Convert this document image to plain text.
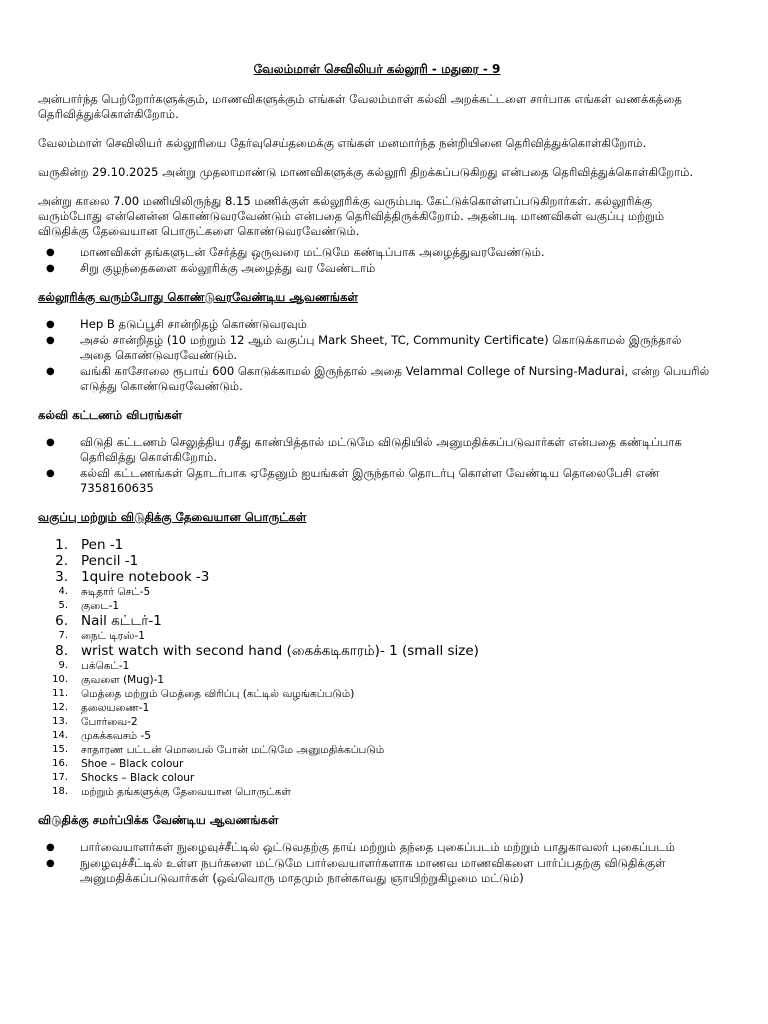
வேலம்மாள் செவிலியர் கல்லூரி - மதுரை - 9

அன்பார்ந்த பெற்றோர்களுக்கும், மாணவிகளுக்கும் எங்கள் வேலம்மாள் கல்வி அறக்கட்டளை சார்பாக எங்கள் வணக்கத்தை தெரிவித்துக்கொள்கிறோம்.

வேலம்மாள் செவிலியர் கல்லூரியை தேர்வுசெய்தமைக்கு எங்கள் மனமார்ந்த நன்றியினை தெரிவித்துக்கொள்கிறோம்.

வருகின்ற 29.10.2025 அன்று முதலாமாண்டு மாணவிகளுக்கு கல்லூரி திறக்கப்படுகிறது என்பதை தெரிவித்துக்கொள்கிறோம்.

அன்று காலை 7.00 மணியிலிருந்து 8.15 மணிக்குள் கல்லூரிக்கு வரும்படி கேட்டுக்கொள்ளப்படுகிறார்கள். கல்லூரிக்கு வரும்போது என்னென்ன கொண்டுவரவேண்டும் என்பதை தெரிவித்திருக்கிறோம். அதன்படி மாணவிகள் வகுப்பு மற்றும் விடுதிக்கு தேவையான பொருட்களை கொண்டுவரவேண்டும்.

● மாணவிகள் தங்களுடன் சேர்த்து ஒருவரை மட்டுமே கண்டிப்பாக அழைத்துவரவேண்டும்.
● சிறு குழந்தைகளை கல்லூரிக்கு அழைத்து வர வேண்டாம்
கல்லூரிக்கு வரும்போது கொண்டுவரவேண்டிய ஆவணங்கள்
● Hep B தடுப்பூசி சான்றிதழ் கொண்டுவரவும்
● அசல் சான்றிதழ் (10 மற்றும் 12 ஆம் வகுப்பு Mark Sheet, TC, Community Certificate) கொடுக்காமல் இருந்தால் அதை கொண்டுவரவேண்டும்.
● வங்கி காசோலை ரூபாய் 600 கொடுக்காமல் இருந்தால் அதை Velammal College of Nursing-Madurai, என்ற பெயரில் எடுத்து கொண்டுவரவேண்டும்.
கல்வி கட்டணம் விபரங்கள்
● விடுதி கட்டணம் செலுத்திய ரசீது காண்பித்தால் மட்டுமே விடுதியில் அனுமதிக்கப்படுவார்கள் என்பதை கண்டிப்பாக தெரிவித்து கொள்கிறோம்.
● கல்வி கட்டணங்கள் தொடர்பாக ஏதேனும் ஐயங்கள் இருந்தால் தொடர்பு கொள்ள வேண்டிய தொலைபேசி எண் 7358160635
வகுப்பு மற்றும் விடுதிக்கு தேவையான பொருட்கள்
1. Pen -1
2. Pencil -1
3. 1quire notebook -3
4.	சுடிதார் செட்-5
5.	குடை-1
6. Nail கட்டர்-1
7.	நைட் டிரஸ்-1
8. wrist watch with second hand (கைக்கடிகாரம்)- 1 (small size)
9.	பக்கெட்-1
10.	குவளை (Mug)-1
11.	மெத்தை மற்றும் மெத்தை விரிப்பு (கட்டில் வழங்கப்படும்)
12.	தலையணை-1
13.	போர்வை-2
14.	முகக்கவசம் -5
15.	சாதாரண பட்டன் மொபைல் போன் மட்டுமே அனுமதிக்கப்படும்
16.	Shoe – Black colour
17.	Shocks – Black colour
18.	மற்றும் தங்களுக்கு தேவையான பொருட்கள்
விடுதிக்கு சமர்ப்பிக்க வேண்டிய ஆவணங்கள்
● பார்வையாளர்கள் நுழைவுச்சீட்டில் ஒட்டுவதற்கு தாய் மற்றும் தந்தை புகைப்படம் மற்றும் பாதுகாவலர் புகைப்படம்
● நுழைவுச்சீட்டில் உள்ள நபர்களை மட்டுமே பார்வையாளர்களாக மாணவ மாணவிகளை பார்ப்பதற்கு விடுதிக்குள் அனுமதிக்கப்படுவார்கள் (ஒவ்வொரு மாதமும் நான்காவது ஞாயிற்றுகிழமை மட்டும்)
